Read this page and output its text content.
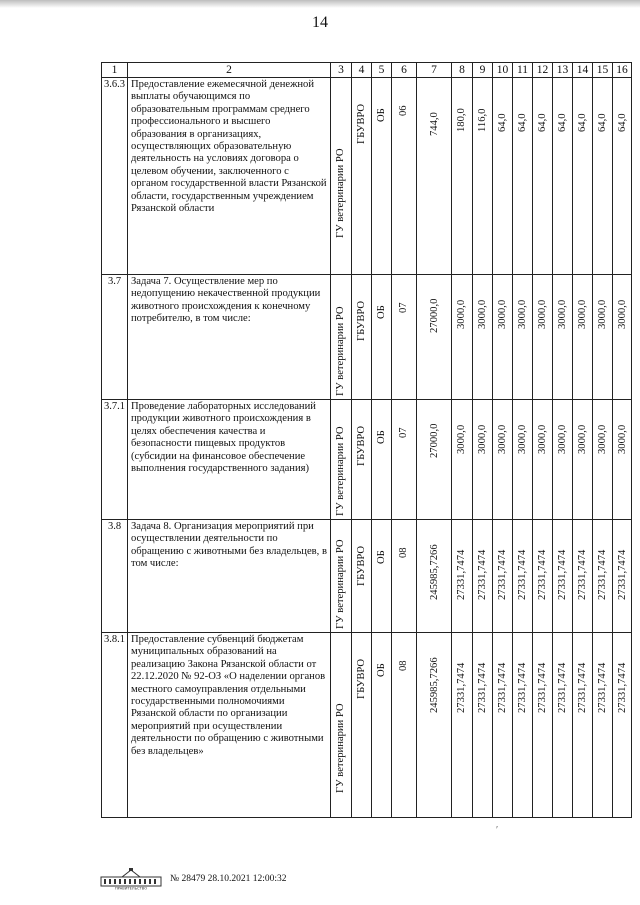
14
1	2	3	4	5	6	7	8	9	10	11	12	13	14	15	16
3.6.3	Предоставление ежемесячной денежной выплаты обучающимся по образовательным программам среднего профессионального и высшего образования в организациях, осуществляющих образовательную деятельность на условиях договора о целевом обучении, заключенного с органом государственной власти Рязанской области, государственным учреждением Рязанской области	ГУ ветеринарии РО	ГБУВРО	ОБ	06	744,0	180,0	116,0	64,0	64,0	64,0	64,0	64,0	64,0	64,0

3.7	Задача 7. Осуществление мер по недопущению некачественной продукции животного происхождения к конечному потребителю, в том числе:	ГУ ветеринарии РО	ГБУВРО	ОБ	07	27000,0	3000,0	3000,0	3000,0	3000,0	3000,0	3000,0	3000,0	3000,0	3000,0

3.7.1	Проведение лабораторных исследований продукции животного происхождения в целях обеспечения качества и безопасности пищевых продуктов (субсидии на финансовое обеспечение выполнения государственного задания)	ГУ ветеринарии РО	ГБУВРО	ОБ	07	27000,0	3000,0	3000,0	3000,0	3000,0	3000,0	3000,0	3000,0	3000,0	3000,0

3.8	Задача 8. Организация мероприятий при осуществлении деятельности по обращению с животными без владельцев, в том числе:	ГУ ветеринарии РО	ГБУВРО	ОБ	08	245985,7266	27331,7474	27331,7474	27331,7474	27331,7474	27331,7474	27331,7474	27331,7474	27331,7474	27331,7474

3.8.1	Предоставление субвенций бюджетам муниципальных образований на реализацию Закона Рязанской области от 22.12.2020 № 92-ОЗ «О наделении органов местного самоуправления отдельными государственными полномочиями Рязанской области по организации мероприятий при осуществлении деятельности по обращению с животными без владельцев»	ГУ ветеринарии РО	ГБУВРО	ОБ	08	245985,7266	27331,7474	27331,7474	27331,7474	27331,7474	27331,7474	27331,7474	27331,7474	27331,7474	27331,7474
ʹ
ПРАВИТЕЛЬСТВО
№ 28479 28.10.2021 12:00:32
